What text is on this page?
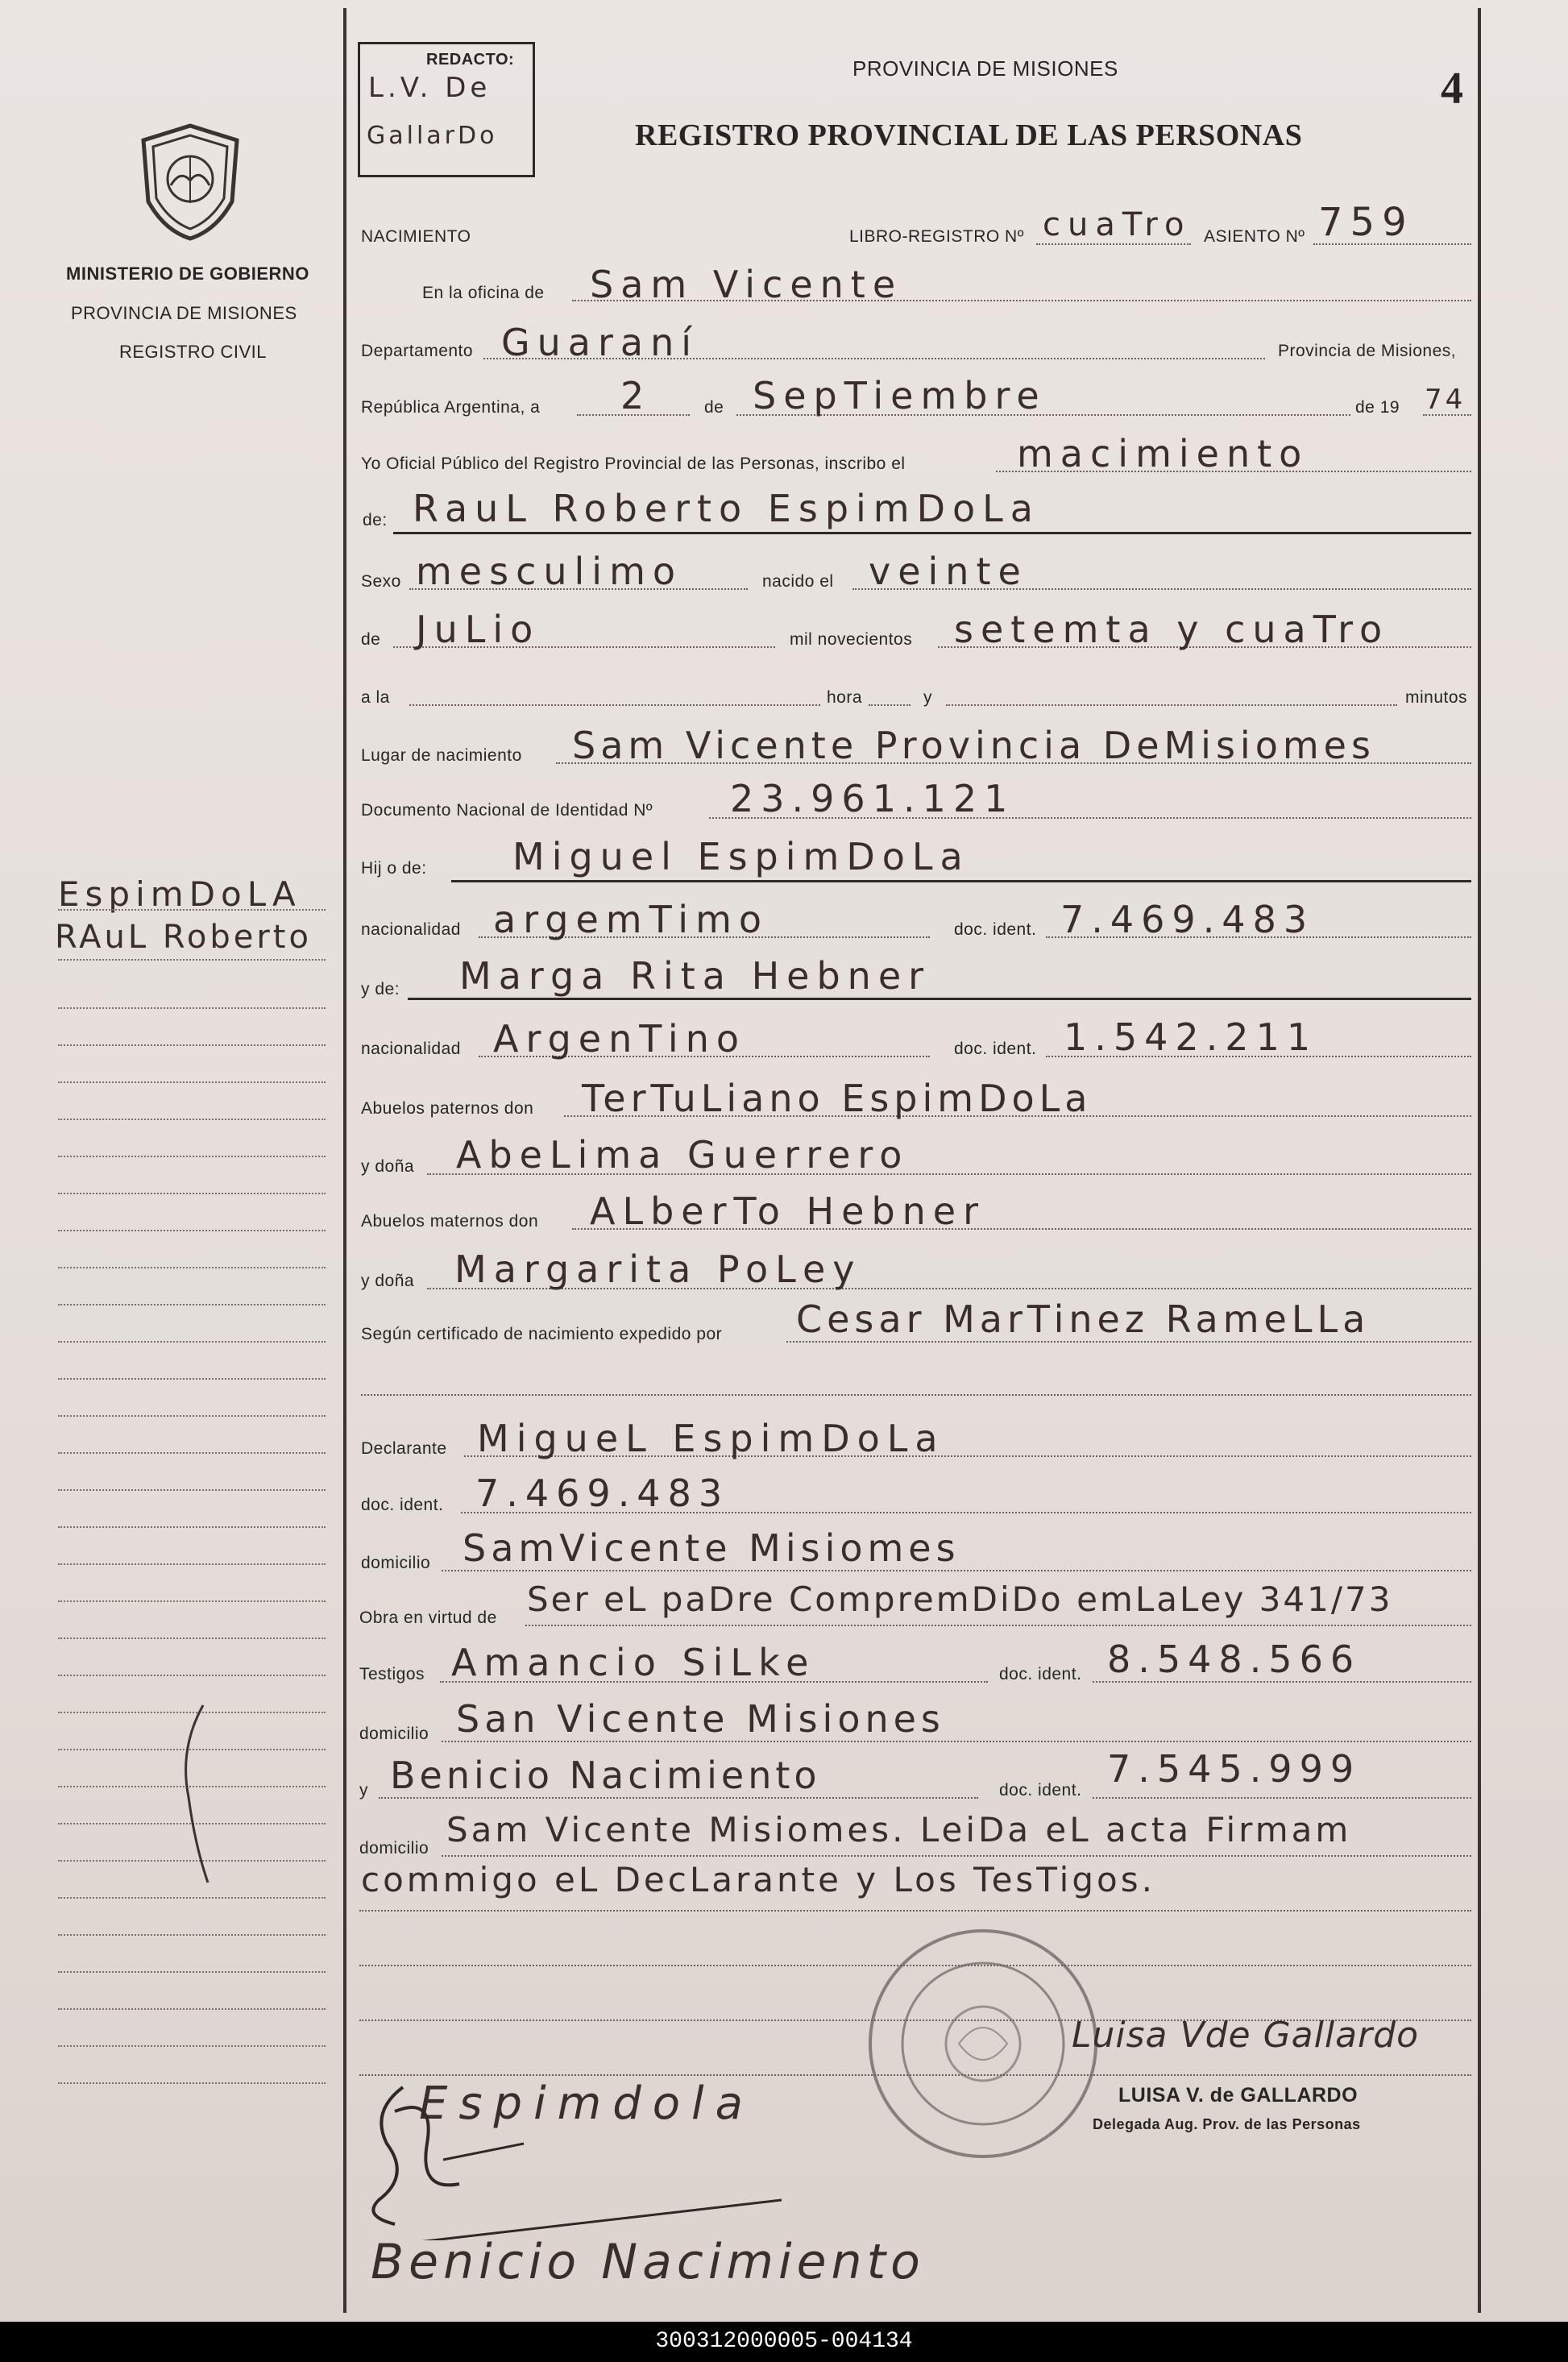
MINISTERIO DE GOBIERNO
PROVINCIA DE MISIONES
REGISTRO CIVIL
EspimDoLA
RAuL Roberto
REDACTO:
L.V. De
GallarDo
PROVINCIA DE MISIONES
REGISTRO PROVINCIAL DE LAS PERSONAS
4
NACIMIENTO	LIBRO-REGISTRO Nº cuaTro ASIENTO Nº 759
En la oficina de Sam Vicente
Departamento Guaraní	Provincia de Misiones,
República Argentina, a 2	de SepTiembre	de 19 74
Yo Oficial Público del Registro Provincial de las Personas, inscribo el	macimiento
de: RauL Roberto EspimDoLa
Sexo mesculimo	nacido el veinte
de JuLio	mil novecientos setemta y cuaTro
a la	hora	y	minutos
Lugar de nacimiento Sam Vicente Provincia DeMisiomes
Documento Nacional de Identidad Nº 23.961.121
Hij o de: Miguel EspimDoLa
nacionalidad argemTimo	doc. ident. 7.469.483
y de: Marga Rita Hebner
nacionalidad ArgenTino	doc. ident. 1.542.211
Abuelos paternos don TerTuLiano EspimDoLa
y doña AbeLima Guerrero
Abuelos maternos don ALberTo Hebner
y doña Margarita PoLey
Según certificado de nacimiento expedido por Cesar MarTinez RameLLa
Declarante MigueL EspimDoLa
doc. ident. 7.469.483
domicilio SamVicente Misiomes
Obra en virtud de Ser eL paDre CompremDiDo emLaLey 341/73
Testigos Amancio SiLke	doc. ident. 8.548.566
domicilio San Vicente Misiones
y Benicio Nacimiento	doc. ident. 7.545.999
domicilio Sam Vicente Misiomes. LeiDa eL acta Firmam
commigo eL DecLarante y Los TesTigos.
Luisa Vde Gallardo
LUISA V. de GALLARDO
Delegada Aug. Prov. de las Personas
Espimdola
Benicio Nacimiento
300312000005-004134
